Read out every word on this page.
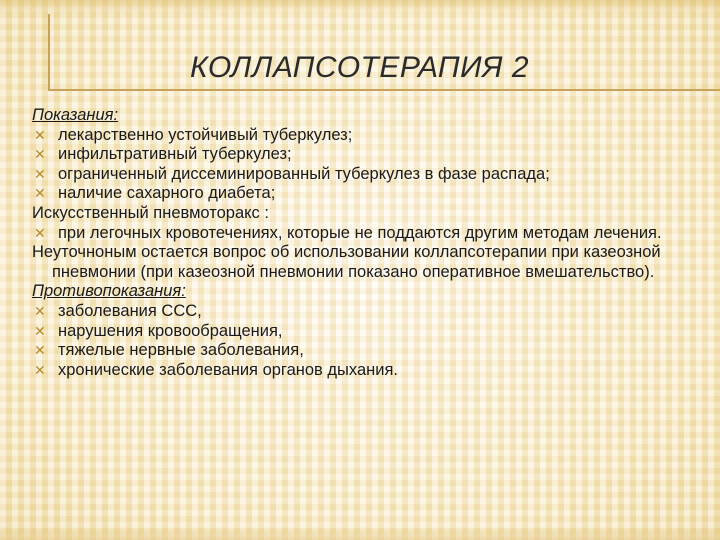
КОЛЛАПСОТЕРАПИЯ 2

Показания:

✕ лекарственно устойчивый туберкулез;

✕ инфильтративный туберкулез;

✕ ограниченный диссеминированный туберкулез в фазе распада;

✕ наличие сахарного диабета;

Искусственный пневмоторакс :

✕ при легочных кровотечениях, которые не поддаются другим методам лечения.

Неуточноным остается вопрос об использовании коллапсотерапии при казеозной пневмонии (при казеозной пневмонии показано оперативное вмешательство).

Противопоказания:

✕ заболевания ССС,

✕ нарушения кровообращения,

✕ тяжелые нервные заболевания,

✕ хронические заболевания органов дыхания.
